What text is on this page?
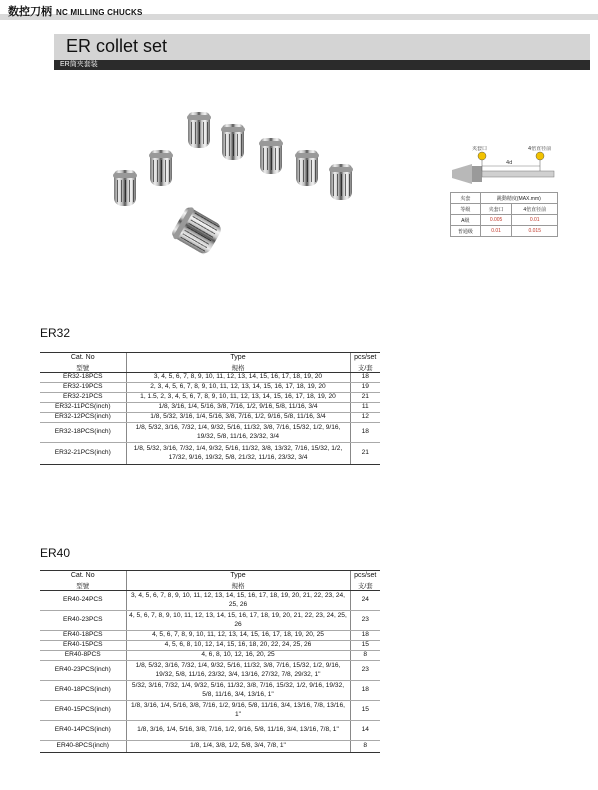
数控刀柄 NC MILLING CHUCKS
ER collet set
ER筒夹套装
夹套口	4倍直径前
4d
夹套	跳動精度(MAX.mm)	
等级	夹套口	4倍直径前
A级	0.005	0.01
普通级	0.01	0.015
ER32
Cat. No	Type	pcs/set
型號	規格	支/套
ER32-18PCS	3, 4, 5, 6, 7, 8, 9, 10, 11, 12, 13, 14, 15, 16, 17, 18, 19, 20	18
ER32-19PCS	2, 3, 4, 5, 6, 7, 8, 9, 10, 11, 12, 13, 14, 15, 16, 17, 18, 19, 20	19
ER32-21PCS	1, 1.5, 2, 3, 4, 5, 6, 7, 8, 9, 10, 11, 12, 13, 14, 15, 16, 17, 18, 19, 20	21
ER32-11PCS(inch)	1/8, 3/16, 1/4, 5/16, 3/8, 7/16, 1/2, 9/16, 5/8, 11/16, 3/4	11
ER32-12PCS(inch)	1/8, 5/32, 3/16, 1/4, 5/16, 3/8, 7/16, 1/2, 9/16, 5/8, 11/16, 3/4	12
ER32-18PCS(inch)	1/8, 5/32, 3/16, 7/32, 1/4, 9/32, 5/16, 11/32, 3/8, 7/16, 15/32, 1/2, 9/16, 19/32, 5/8, 11/16, 23/32, 3/4	18
ER32-21PCS(inch)	1/8, 5/32, 3/16, 7/32, 1/4, 9/32, 5/16, 11/32, 3/8, 13/32, 7/16, 15/32, 1/2, 17/32, 9/16, 19/32, 5/8, 21/32, 11/16, 23/32, 3/4	21
ER40
Cat. No	Type	pcs/set
型號	規格	支/套
ER40-24PCS	3, 4, 5, 6, 7, 8, 9, 10, 11, 12, 13, 14, 15, 16, 17, 18, 19, 20, 21, 22, 23, 24, 25, 26	24
ER40-23PCS	4, 5, 6, 7, 8, 9, 10, 11, 12, 13, 14, 15, 16, 17, 18, 19, 20, 21, 22, 23, 24, 25, 26	23
ER40-18PCS	4, 5, 6, 7, 8, 9, 10, 11, 12, 13, 14, 15, 16, 17, 18, 19, 20, 25	18
ER40-15PCS	4, 5, 6, 8, 10, 12, 14, 15, 16, 18, 20, 22, 24, 25, 26	15
ER40-8PCS	4, 6, 8, 10, 12, 16, 20, 25	8
ER40-23PCS(inch)	1/8, 5/32, 3/16, 7/32, 1/4, 9/32, 5/16, 11/32, 3/8, 7/16, 15/32, 1/2, 9/16, 19/32, 5/8, 11/16, 23/32, 3/4, 13/16, 27/32, 7/8, 29/32, 1"	23
ER40-18PCS(inch)	5/32, 3/16, 7/32, 1/4, 9/32, 5/16, 11/32, 3/8, 7/16, 15/32, 1/2, 9/16, 19/32, 5/8, 11/16, 3/4, 13/16, 1"	18
ER40-15PCS(inch)	1/8, 3/16, 1/4, 5/16, 3/8, 7/16, 1/2, 9/16, 5/8, 11/16, 3/4, 13/16, 7/8, 13/16, 1"	15
ER40-14PCS(inch)	1/8, 3/16, 1/4, 5/16, 3/8, 7/16, 1/2, 9/16, 5/8, 11/16, 3/4, 13/16, 7/8, 1"	14
ER40-8PCS(inch)	1/8, 1/4, 3/8, 1/2, 5/8, 3/4, 7/8, 1"	8
